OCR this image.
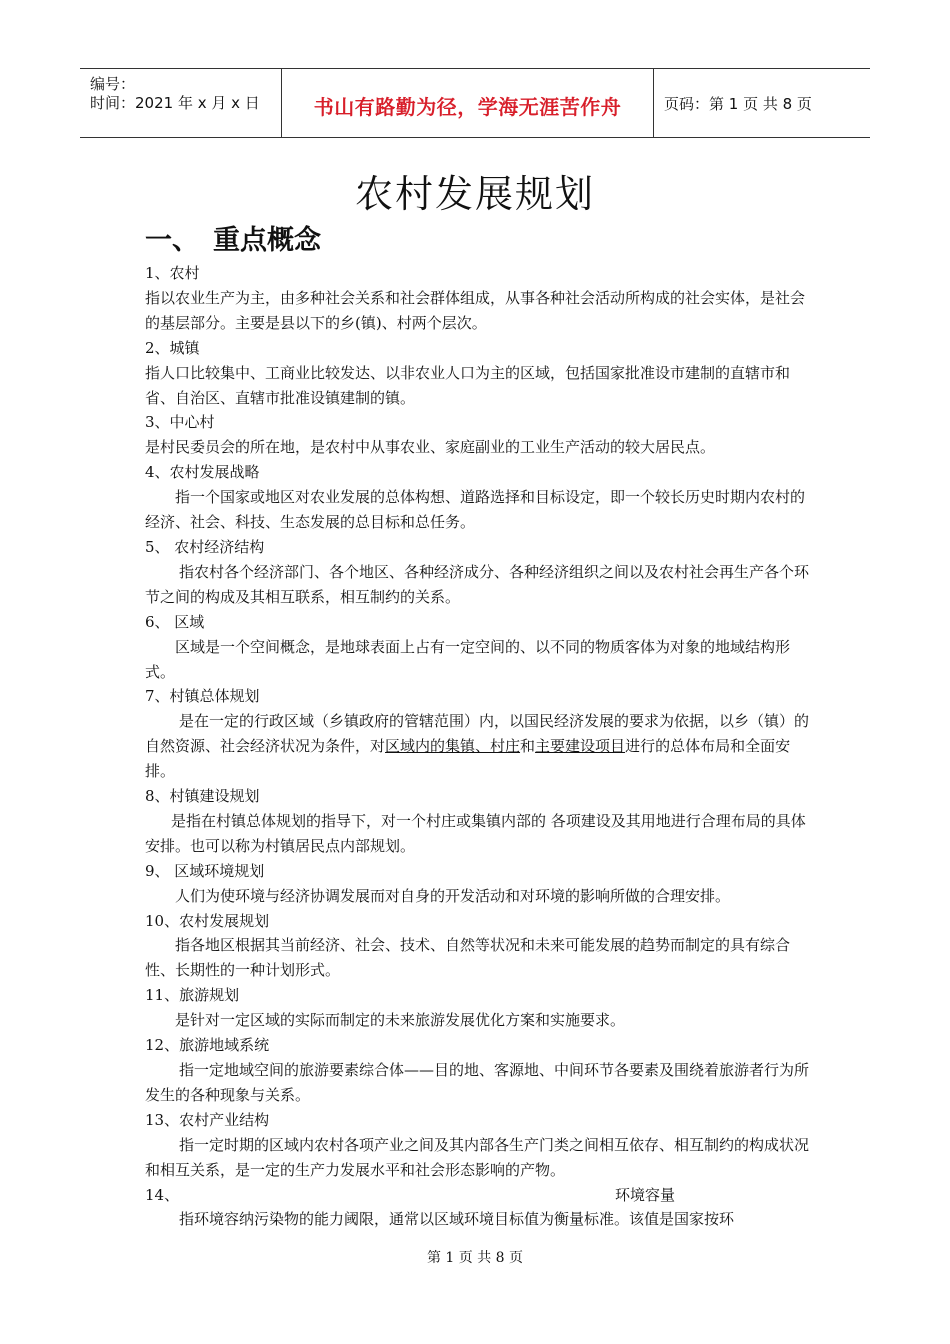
编号：
时间：2021 年 x 月 x 日	书山有路勤为径，学海无涯苦作舟	页码：第 1 页 共 8 页
农村发展规划
一、 重点概念

1、农村

指以农业生产为主，由多种社会关系和社会群体组成，从事各种社会活动所构成的社会实体，是社会的基层部分。主要是县以下的乡(镇)、村两个层次。

2、城镇

指人口比较集中、工商业比较发达、以非农业人口为主的区域，包括国家批准设市建制的直辖市和省、自治区、直辖市批准设镇建制的镇。

3、中心村

是村民委员会的所在地，是农村中从事农业、家庭副业的工业生产活动的较大居民点。

4、农村发展战略

指一个国家或地区对农业发展的总体构想、道路选择和目标设定，即一个较长历史时期内农村的经济、社会、科技、生态发展的总目标和总任务。

5、 农村经济结构

指农村各个经济部门、各个地区、各种经济成分、各种经济组织之间以及农村社会再生产各个环节之间的构成及其相互联系，相互制约的关系。

6、 区域

区域是一个空间概念，是地球表面上占有一定空间的、以不同的物质客体为对象的地域结构形式。

7、村镇总体规划

是在一定的行政区域（乡镇政府的管辖范围）内，以国民经济发展的要求为依据，以乡（镇）的自然资源、社会经济状况为条件，对区域内的集镇、村庄和主要建设项目进行的总体布局和全面安排。

8、村镇建设规划

是指在村镇总体规划的指导下，对一个村庄或集镇内部的 各项建设及其用地进行合理布局的具体安排。也可以称为村镇居民点内部规划。

9、 区域环境规划

人们为使环境与经济协调发展而对自身的开发活动和对环境的影响所做的合理安排。

10、农村发展规划

指各地区根据其当前经济、社会、技术、自然等状况和未来可能发展的趋势而制定的具有综合性、长期性的一种计划形式。

11、旅游规划

是针对一定区域的实际而制定的未来旅游发展优化方案和实施要求。

12、旅游地域系统

指一定地域空间的旅游要素综合体——目的地、客源地、中间环节各要素及围绕着旅游者行为所发生的各种现象与关系。

13、农村产业结构

指一定时期的区域内农村各项产业之间及其内部各生产门类之间相互依存、相互制约的构成状况和相互关系，是一定的生产力发展水平和社会形态影响的产物。

14、	环境容量

指环境容纳污染物的能力阈限，通常以区域环境目标值为衡量标准。该值是国家按环

第 1 页 共 8 页
